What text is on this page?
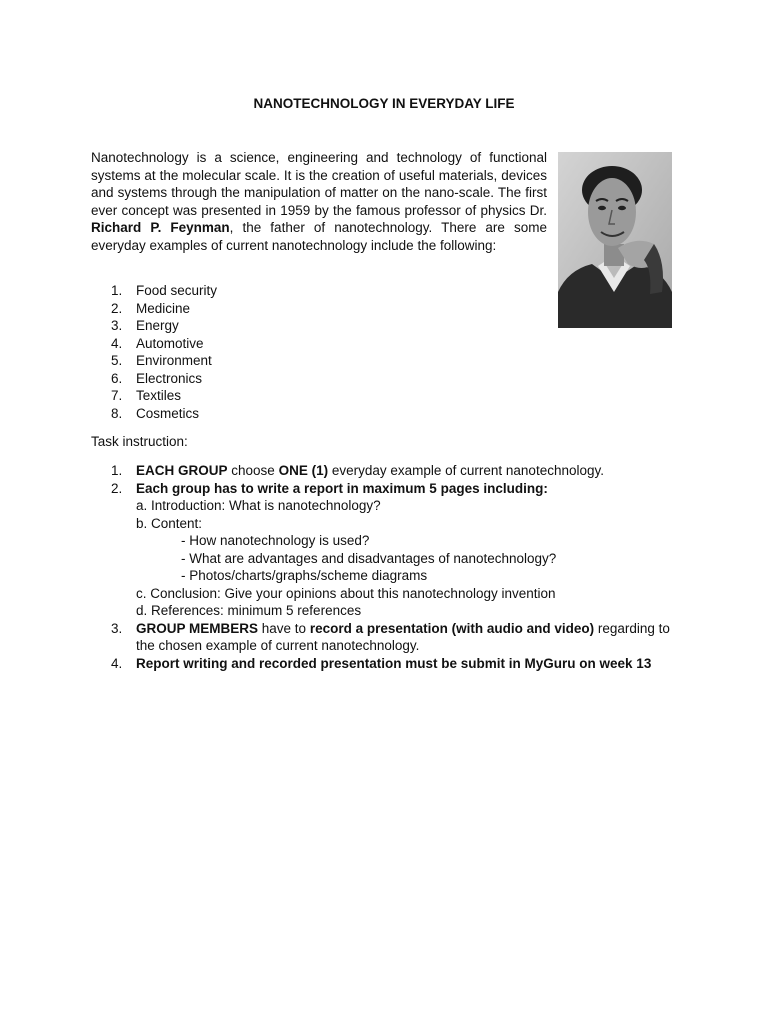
NANOTECHNOLOGY IN EVERYDAY LIFE

Nanotechnology is a science, engineering and technology of functional systems at the molecular scale. It is the creation of useful materials, devices and systems through the manipulation of matter on the nano-scale. The first ever concept was presented in 1959 by the famous professor of physics Dr. Richard P. Feynman, the father of nanotechnology. There are some everyday examples of current nanotechnology include the following:

1. Food security
2. Medicine
3. Energy
4. Automotive
5. Environment
6. Electronics
7. Textiles
8. Cosmetics

Task instruction:

1. EACH GROUP choose ONE (1) everyday example of current nanotechnology.
2. Each group has to write a report in maximum 5 pages including:
a. Introduction: What is nanotechnology?
b. Content:
- How nanotechnology is used?
- What are advantages and disadvantages of nanotechnology?
- Photos/charts/graphs/scheme diagrams
c. Conclusion: Give your opinions about this nanotechnology invention
d. References: minimum 5 references
3. GROUP MEMBERS have to record a presentation (with audio and video) regarding to the chosen example of current nanotechnology.
4. Report writing and recorded presentation must be submit in MyGuru on week 13
